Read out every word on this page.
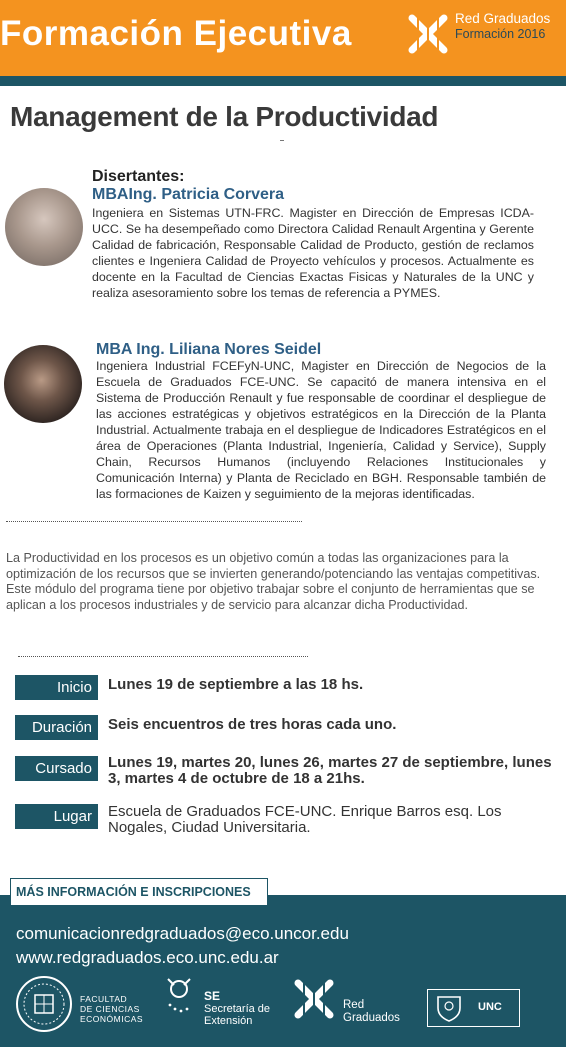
Formación Ejecutiva	Red Graduados
Formación 2016
Management de la Productividad
Disertantes:
MBAIng. Patricia Corvera
Ingeniera en Sistemas UTN-FRC. Magister en Dirección de Empresas ICDA-UCC. Se ha desempeñado como Directora Calidad Renault Argentina y Gerente Calidad de fabricación, Responsable Calidad de Producto, gestión de reclamos clientes e Ingeniera Calidad de Proyecto vehículos y procesos. Actualmente es docente en la Facultad de Ciencias Exactas Fisicas y Naturales de la UNC y realiza asesoramiento sobre los temas de referencia a PYMES.
MBA Ing. Liliana Nores Seidel
Ingeniera Industrial FCEFyN-UNC, Magister en Dirección de Negocios de la Escuela de Graduados FCE-UNC. Se capacitó de manera intensiva en el Sistema de Producción Renault y fue responsable de coordinar el despliegue de las acciones estratégicas y objetivos estratégicos en la Dirección de la Planta Industrial. Actualmente trabaja en el despliegue de Indicadores Estratégicos en el área de Operaciones (Planta Industrial, Ingeniería, Calidad y Service), Supply Chain, Recursos Humanos (incluyendo Relaciones Institucionales y Comunicación Interna) y Planta de Reciclado en BGH. Responsable también de las formaciones de Kaizen y seguimiento de la mejoras identificadas.
La Productividad en los procesos es un objetivo común a todas las organizaciones para la optimización de los recursos que se invierten generando/potenciando las ventajas competitivas. Este módulo del programa tiene por objetivo trabajar sobre el conjunto de herramientas que se aplican a los procesos industriales y de servicio para alcanzar dicha Productividad.
Inicio	Lunes 19 de septiembre a las 18 hs.
Duración	Seis encuentros de tres horas cada uno.
Cursado	Lunes 19, martes 20, lunes 26, martes 27 de septiembre, lunes 3, martes 4 de octubre de 18 a 21hs.
Lugar	Escuela de Graduados FCE-UNC. Enrique Barros esq. Los Nogales, Ciudad Universitaria.
MÁS INFORMACIÓN E INSCRIPCIONES
comunicacionredgraduados@eco.uncor.edu
www.redgraduados.eco.unc.edu.ar
FACULTAD
DE CIENCIAS
ECONÓMICAS
SE
Secretaría de
Extensión
Red
Graduados
UNC
